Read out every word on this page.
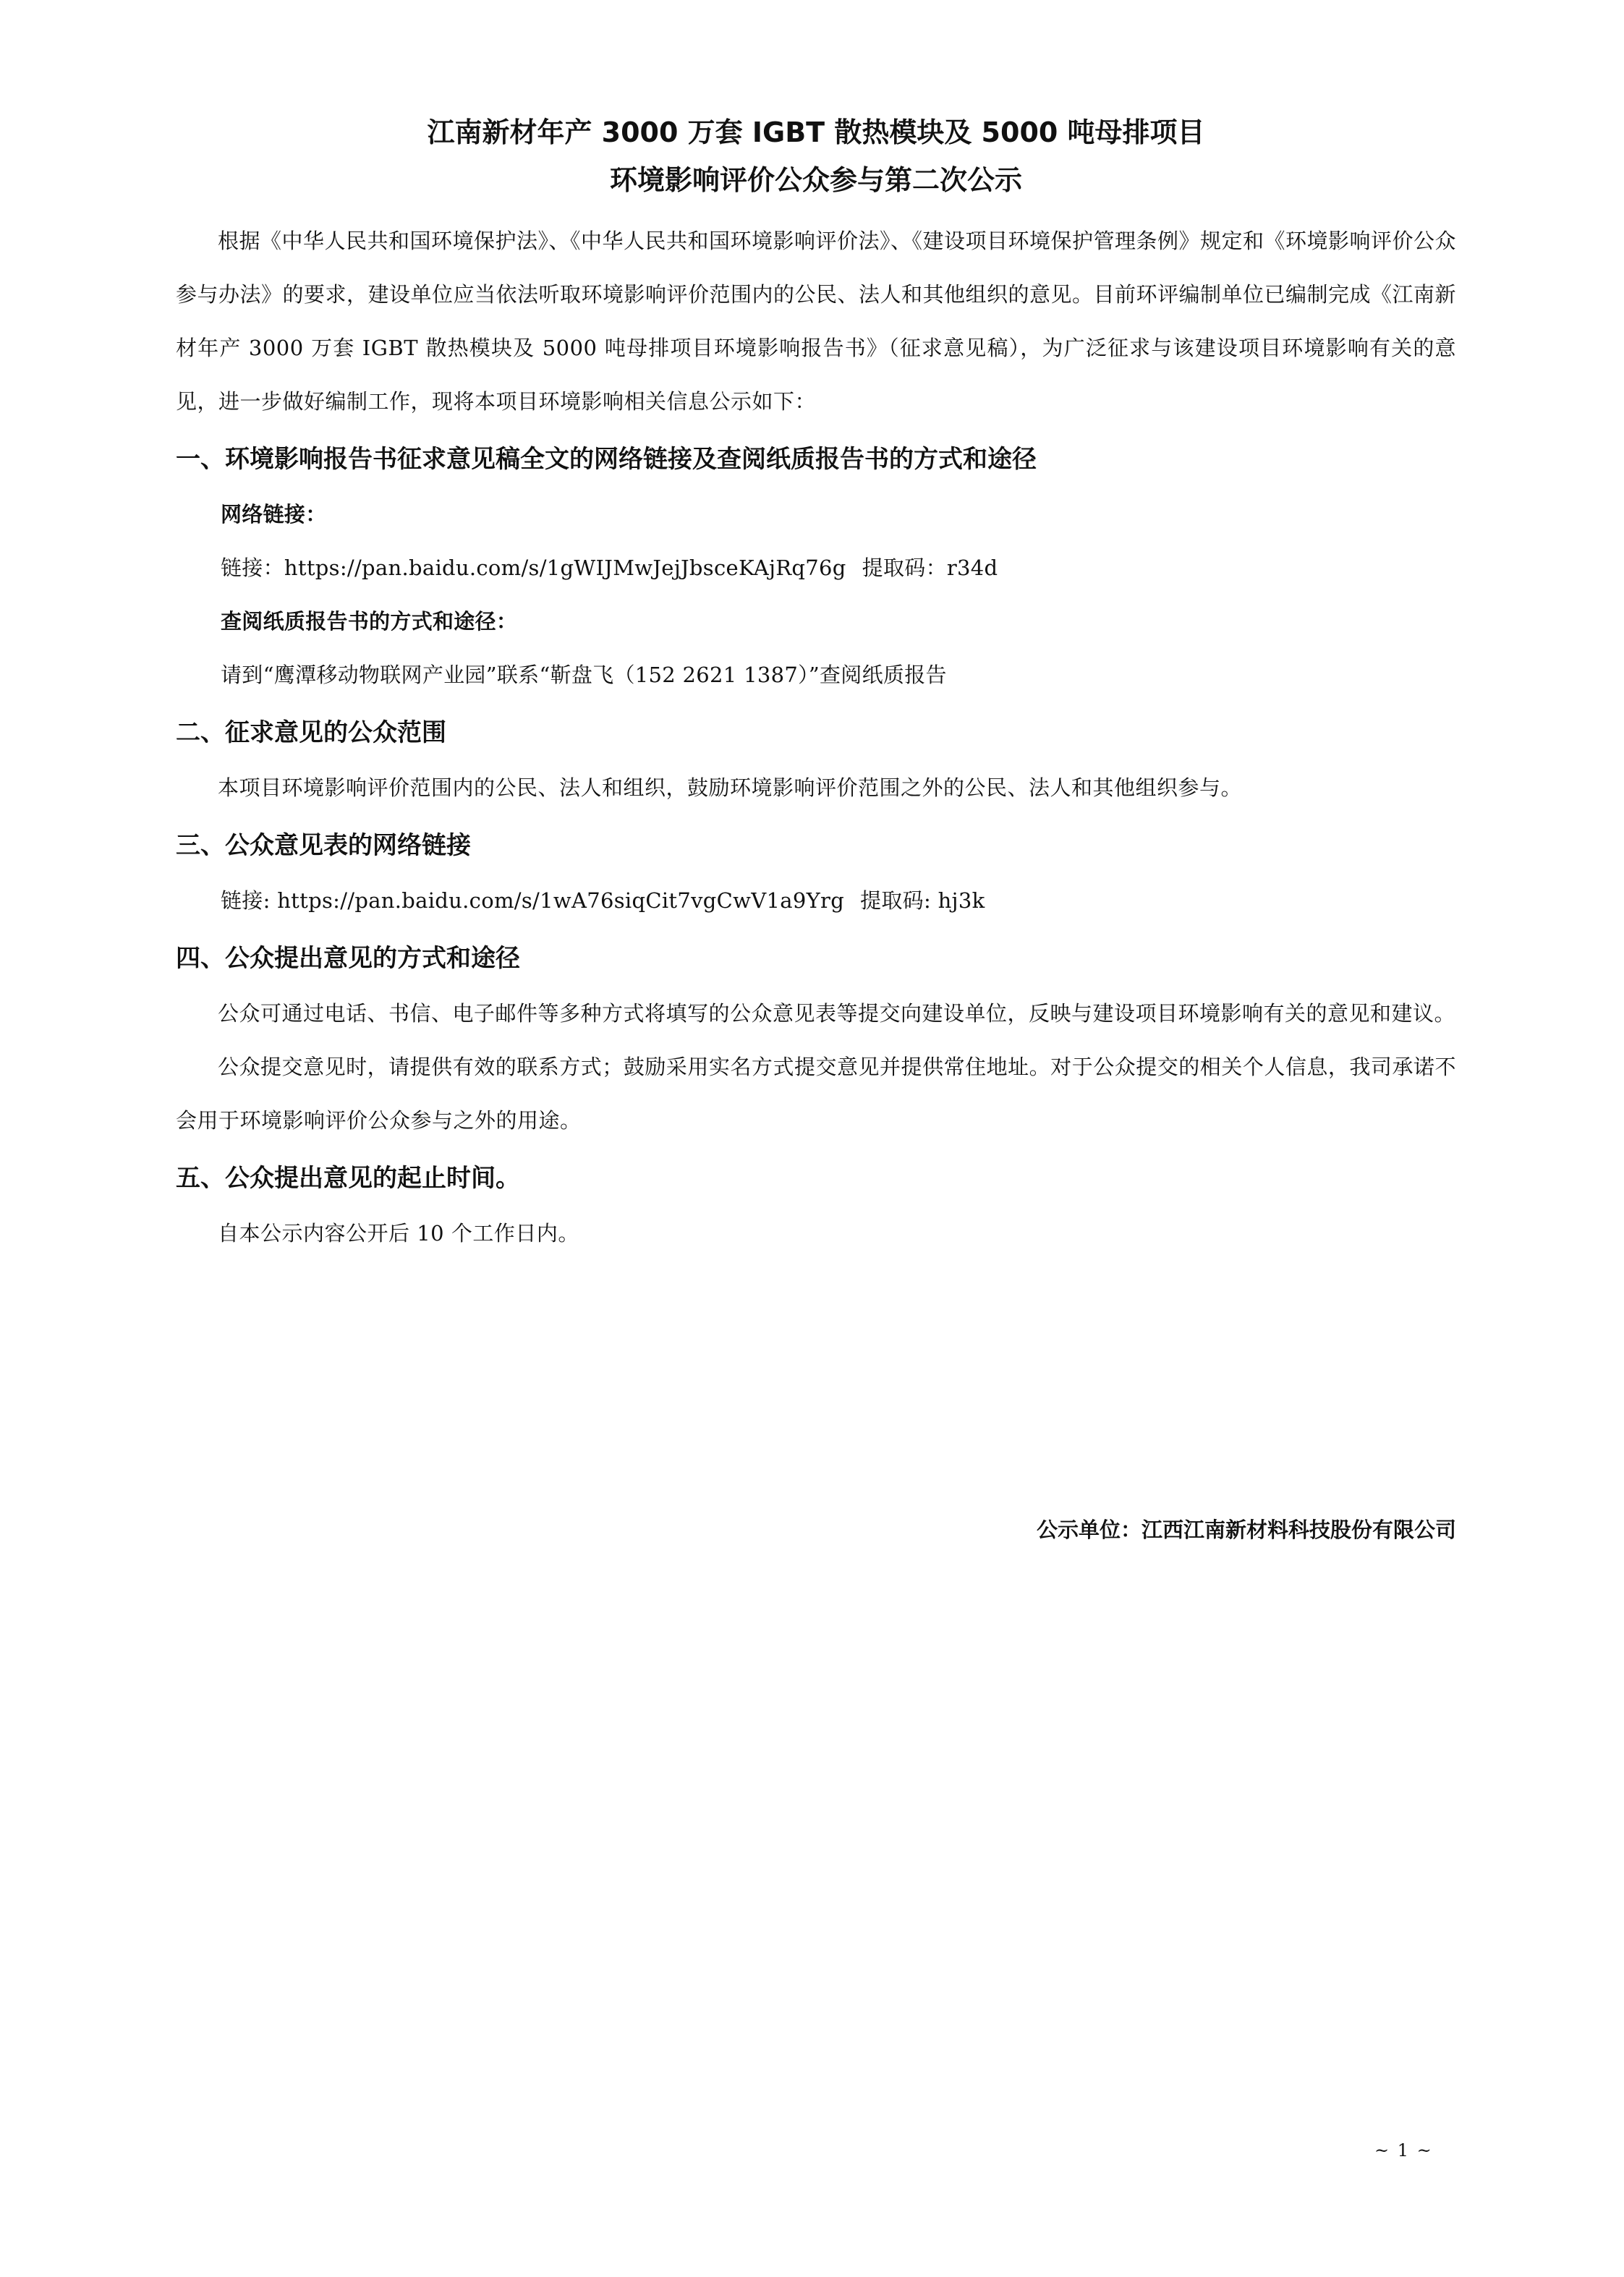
江南新材年产 3000 万套 IGBT 散热模块及 5000 吨母排项目

环境影响评价公众参与第二次公示

根据《中华人民共和国环境保护法》、《中华人民共和国环境影响评价法》、《建设项目环境保护管理条例》规定和《环境影响评价公众参与办法》的要求，建设单位应当依法听取环境影响评价范围内的公民、法人和其他组织的意见。目前环评编制单位已编制完成《江南新材年产 3000 万套 IGBT 散热模块及 5000 吨母排项目环境影响报告书》（征求意见稿），为广泛征求与该建设项目环境影响有关的意见，进一步做好编制工作，现将本项目环境影响相关信息公示如下：

一、环境影响报告书征求意见稿全文的网络链接及查阅纸质报告书的方式和途径

网络链接：

链接：https://pan.baidu.com/s/1gWIJMwJejJbsceKAjRq76g 提取码：r34d

查阅纸质报告书的方式和途径：

请到“鹰潭移动物联网产业园”联系“靳盘飞（152 2621 1387）”查阅纸质报告

二、征求意见的公众范围

本项目环境影响评价范围内的公民、法人和组织，鼓励环境影响评价范围之外的公民、法人和其他组织参与。

三、公众意见表的网络链接

链接: https://pan.baidu.com/s/1wA76siqCit7vgCwV1a9Yrg 提取码: hj3k

四、公众提出意见的方式和途径

公众可通过电话、书信、电子邮件等多种方式将填写的公众意见表等提交向建设单位，反映与建设项目环境影响有关的意见和建议。

公众提交意见时，请提供有效的联系方式；鼓励采用实名方式提交意见并提供常住地址。对于公众提交的相关个人信息，我司承诺不会用于环境影响评价公众参与之外的用途。

五、公众提出意见的起止时间。

自本公示内容公开后 10 个工作日内。

公示单位：江西江南新材料科技股份有限公司
~ 1 ~
